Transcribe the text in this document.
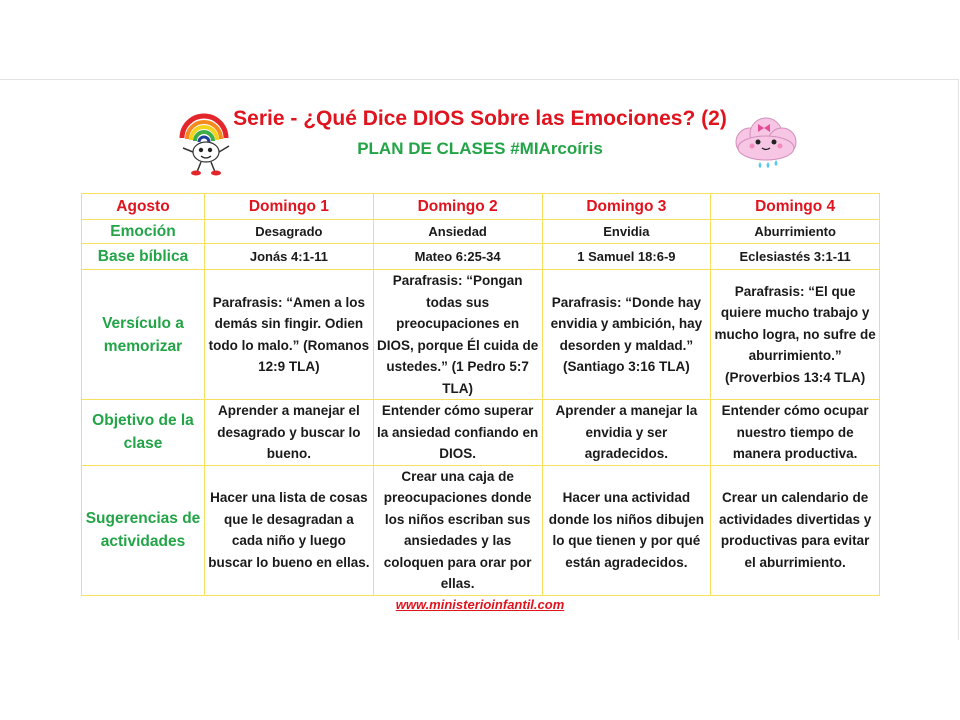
Serie - ¿Qué Dice DIOS Sobre las Emociones? (2)
PLAN DE CLASES #MIArcoíris
Agosto	Domingo 1	Domingo 2	Domingo 3	Domingo 4
Emoción	Desagrado	Ansiedad	Envidia	Aburrimiento
Base bíblica	Jonás 4:1-11	Mateo 6:25-34	1 Samuel 18:6-9	Eclesiastés 3:1-11
Versículo a memorizar	Parafrasis: “Amen a los demás sin fingir. Odien todo lo malo.” (Romanos 12:9 TLA)	Parafrasis: “Pongan todas sus preocupaciones en DIOS, porque Él cuida de ustedes.” (1 Pedro 5:7 TLA)	Parafrasis: “Donde hay envidia y ambición, hay desorden y maldad.” (Santiago 3:16 TLA)	Parafrasis: “El que quiere mucho trabajo y mucho logra, no sufre de aburrimiento.” (Proverbios 13:4 TLA)
Objetivo de la clase	Aprender a manejar el desagrado y buscar lo bueno.	Entender cómo superar la ansiedad confiando en DIOS.	Aprender a manejar la envidia y ser agradecidos.	Entender cómo ocupar nuestro tiempo de manera productiva.
Sugerencias de actividades	Hacer una lista de cosas que le desagradan a cada niño y luego buscar lo bueno en ellas.	Crear una caja de preocupaciones donde los niños escriban sus ansiedades y las coloquen para orar por ellas.	Hacer una actividad donde los niños dibujen lo que tienen y por qué están agradecidos.	Crear un calendario de actividades divertidas y productivas para evitar el aburrimiento.
www.ministerioinfantil.com
